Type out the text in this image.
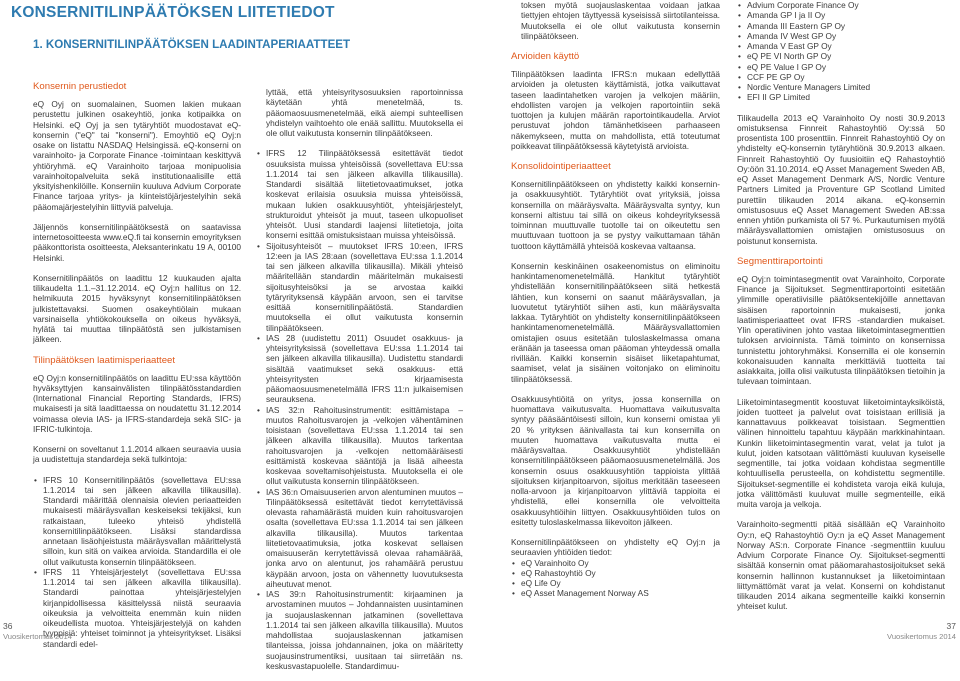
KONSERNITILINPÄÄTÖKSEN LIITETIEDOT
1. KONSERNITILINPÄÄTÖKSEN LAADINTAPERIAATTEET
Konsernin perustiedot

eQ Oyj on suomalainen, Suomen lakien mukaan perustettu julkinen osakeyhtiö, jonka kotipaikka on Helsinki. eQ Oyj ja sen tytäryhtiöt muodostavat eQ-konsernin ("eQ" tai "konserni"). Emoyhtiö eQ Oyj:n osake on listattu NASDAQ Helsingissä. eQ-konserni on varainhoito- ja Corporate Finance -toimintaan keskittyvä yhtiöryhmä. eQ Varainhoito tarjoaa monipuolisia varainhoitopalveluita sekä institutionaalisille että yksityishenkilöille. Konserniin kuuluva Advium Corporate Finance tarjoaa yritys- ja kiinteistöjärjestelyihin sekä pääomajärjestelyihin liittyviä palveluja.

Jäljennös konsernitilinpäätöksestä on saatavissa internetosoitteesta www.eQ.fi tai konsernin emoyrityksen pääkonttorista osoitteesta, Aleksanterinkatu 19 A, 00100 Helsinki.

Konsernitilinpäätös on laadittu 12 kuukauden ajalta tilikaudelta 1.1.–31.12.2014. eQ Oyj:n hallitus on 12. helmikuuta 2015 hyväksynyt konsernitilinpäätöksen julkistettavaksi. Suomen osakeyhtiölain mukaan varsinaisella yhtiökokouksella on oikeus hyväksyä, hylätä tai muuttaa tilinpäätöstä sen julkistamisen jälkeen.

Tilinpäätöksen laatimisperiaatteet

eQ Oyj:n konsernitilinpäätös on laadittu EU:ssa käyttöön hyväksyttyjen kansainvälisten tilinpäätösstandardien (International Financial Reporting Standards, IFRS) mukaisesti ja sitä laadittaessa on noudatettu 31.12.2014 voimassa olevia IAS- ja IFRS-standardeja sekä SIC- ja IFRIC-tulkintoja.

Konserni on soveltanut 1.1.2014 alkaen seuraavia uusia ja uudistettuja standardeja sekä tulkintoja:

• IFRS 10 Konsernitilinpäätös (sovellettava EU:ssa 1.1.2014 tai sen jälkeen alkavilla tilikausilla). Standardi määrittää olennaisia olevien periaatteiden mukaisesti määräysvallan keskeiseksi tekijäksi, kun ratkaistaan, tuleeko yhteisö yhdistellä konsernitilinpäätökseen. Lisäksi standardissa annetaan lisäohjeistusta määräysvallan määrittelystä silloin, kun sitä on vaikea arvioida. Standardilla ei ole ollut vaikutusta konsernin tilinpäätökseen.
• IFRS 11 Yhteisjärjestelyt (sovellettava EU:ssa 1.1.2014 tai sen jälkeen alkavilla tilikausilla). Standardi painottaa yhteisjärjestelyjen kirjanpidollisessa käsittelyssä niistä seuraavia oikeuksia ja velvoitteita enemmän kuin niiden oikeudellista muotoa. Yhteisjärjestelyjä on kahden tyyppisiä: yhteiset toiminnot ja yhteisyritykset. Lisäksi standardi edel-

lyttää, että yhteisyritysosuuksien raportoinnissa käytetään yhtä menetelmää, ts. pääomaosuusmenetelmää, eikä aiempi suhteellisen yhdistelyn vaihtoehto ole enää sallittu. Muutoksella ei ole ollut vaikutusta konsernin tilinpäätökseen.

• IFRS 12 Tilinpäätöksessä esitettävät tiedot osuuksista muissa yhteisöissä (sovellettava EU:ssa 1.1.2014 tai sen jälkeen alkavilla tilikausilla). Standardi sisältää liitetietovaatimukset, jotka koskevat erilaisia osuuksia muissa yhteisöissä, mukaan lukien osakkuusyhtiöt, yhteisjärjestelyt, strukturoidut yhteisöt ja muut, taseen ulkopuoliset yhteisöt. Uusi standardi laajensi liitetietoja, joita konserni esittää omistuksistaan muissa yhteisöissä.
• Sijoitusyhteisöt – muutokset IFRS 10:een, IFRS 12:een ja IAS 28:aan (sovellettava EU:ssa 1.1.2014 tai sen jälkeen alkavilla tilikausilla). Mikäli yhteisö määritellään standardin määritelmän mukaisesti sijoitusyhteisöksi ja se arvostaa kaikki tytäryrityksensä käypään arvoon, sen ei tarvitse esittää konsernitilinpäätöstä. Standardien muutoksella ei ollut vaikutusta konsernin tilinpäätökseen.
• IAS 28 (uudistettu 2011) Osuudet osakkuus- ja yhteisyrityksissä (sovellettava EU:ssa 1.1.2014 tai sen jälkeen alkavilla tilikausilla). Uudistettu standardi sisältää vaatimukset sekä osakkuus- että yhteisyritysten kirjaamisesta pääomaosuusmenetelmällä IFRS 11:n julkaisemisen seurauksena.
• IAS 32:n Rahoitusinstrumentit: esittämistapa – muutos Rahoitusvarojen ja -velkojen vähentäminen toisistaan (sovellettava EU:ssa 1.1.2014 tai sen jälkeen alkavilla tilikausilla). Muutos tarkentaa rahoitusvarojen ja -velkojen nettomääräisesti esittämistä koskevaa sääntöjä ja lisää aiheesta koskevaa soveltamisohjeistusta. Muutoksella ei ole ollut vaikutusta konsernin tilinpäätökseen.
• IAS 36:n Omaisuuserien arvon alentuminen muutos – Tilinpäätöksessä esitettävät tiedot kerrytettävissä olevasta rahamäärästä muiden kuin rahoitusvarojen osalta (sovellettava EU:ssa 1.1.2014 tai sen jälkeen alkavilla tilikausilla). Muutos tarkentaa liitetietovaatimuksia, jotka koskevat sellaisen omaisuuserän kerrytettävissä olevaa rahamäärää, jonka arvo on alentunut, jos rahamäärä perustuu käypään arvoon, josta on vähennetty luovutuksesta aiheutuvat menot.
• IAS 39:n Rahoitusinstrumentit: kirjaaminen ja arvostaminen muutos – Johdannaisten uusintaminen ja suojauslaskennan jatkaminen (sovellettava 1.1.2014 tai sen jälkeen alkavilla tilikausilla). Muutos mahdollistaa suojauslaskennan jatkamisen tilanteissa, joissa johdannainen, joka on määritetty suojausinstrumentiksi, uusitaan tai siirretään ns. keskusvastapuolelle. Standardimuu-

toksen myötä suojauslaskentaa voidaan jatkaa tiettyjen ehtojen täyttyessä kyseisissä siirtotilanteissa. Muutoksella ei ole ollut vaikutusta konsernin tilinpäätökseen.

Arvioiden käyttö

Tilinpäätöksen laadinta IFRS:n mukaan edellyttää arvioiden ja oletusten käyttämistä, jotka vaikuttavat taseen laadintahetken varojen ja velkojen määriin, ehdollisten varojen ja velkojen raportointiin sekä tuottojen ja kulujen määrän raportointikaudella. Arviot perustuvat johdon tämänhetkiseen parhaaseen näkemykseen, mutta on mahdollista, että toteutumat poikkeavat tilinpäätöksessä käytetyistä arvioista.

Konsolidointiperiaatteet

Konsernitilinpäätökseen on yhdistetty kaikki konsernin- ja osakkuusyhtiöt. Tytäryhtiöt ovat yrityksiä, joissa konsernilla on määräysvalta. Määräysvalta syntyy, kun konserni altistuu tai sillä on oikeus kohdeyrityksessä toiminnan muuttuvalle tuotolle tai on oikeutettu sen muuttuvaan tuottoon ja se pystyy vaikuttamaan tähän tuottoon käyttämällä yhteisöä koskevaa valtaansa.

Konsernin keskinäinen osakeenomistus on eliminoitu hankintamenomenetelmällä. Hankitut tytäryhtiöt yhdistellään konsernitilinpäätökseen siitä hetkestä lähtien, kun konserni on saanut määräysvallan, ja luovutetut tytäryhtiöt siihen asti, kun määräysvalta lakkaa. Tytäryhtiöt on yhdistelty konsernitilinpäätökseen hankintamenomenetelmällä. Määräysvallattomien omistajien osuus esitetään tuloslaskelmassa omana eränään ja taseessa oman pääoman yhteydessä omalla rivillään. Kaikki konsernin sisäiset liiketapahtumat, saamiset, velat ja sisäinen voitonjako on eliminoitu tilinpäätöksessä.

Osakkuusyhtiöitä on yritys, jossa konsernilla on huomattava vaikutusvalta. Huomattava vaikutusvalta syntyy pääsääntöisesti silloin, kun konserni omistaa yli 20 % yrityksen äänivallasta tai kun konsernilla on muuten huomattava vaikutusvalta mutta ei määräysvaltaa. Osakkuusyhtiöt yhdistellään konsernitilinpäätökseen pääomaosuusmenetelmällä. Jos konsernin osuus osakkuusyhtiön tappioista ylittää sijoituksen kirjanpitoarvon, sijoitus merkitään taseeseen nolla-arvoon ja kirjanpitoarvon ylittäviä tappioita ei yhdistellä, ellei konsernilla ole velvoitteita osakkuusyhtiöihin liittyen. Osakkuusyhtiöiden tulos on esitetty tuloslaskelmassa liikevoiton jälkeen.

Konsernitilinpäätökseen on yhdistelty eQ Oyj:n ja seuraavien yhtiöiden tiedot:

• eQ Varainhoito Oy
• eQ Rahastoyhtiö Oy
• eQ Life Oy
• eQ Asset Management Norway AS
• Advium Corporate Finance Oy
• Amanda GP I ja II Oy
• Amanda III Eastern GP Oy
• Amanda IV West GP Oy
• Amanda V East GP Oy
• eQ PE VI North GP Oy
• eQ PE Value I GP Oy
• CCF PE GP Oy
• Nordic Venture Managers Limited
• EFI II GP Limited

Tilikaudella 2013 eQ Varainhoito Oy nosti 30.9.2013 omistuksensa Finnreit Rahastoyhtiö Oy:ssä 50 prosentista 100 prosenttiin. Finnreit Rahastoyhtiö Oy on yhdistelty eQ-konsernin tytäryhtiönä 30.9.2013 alkaen. Finnreit Rahastoyhtiö Oy fuusioitiin eQ Rahastoyhtiö Oy:öön 31.10.2014. eQ Asset Management Sweden AB, eQ Asset Management Denmark A/S, Nordic Venture Partners Limited ja Proventure GP Scotland Limited purettiin tilikauden 2014 aikana. eQ-konsernin omistusosuus eQ Asset Management Sweden AB:ssa ennen yhtiön purkamista oli 57 %. Purkautumisen myötä määräysvallattomien omistajien omistusosuus on poistunut konsernista.

Segmenttiraportointi

eQ Oyj:n toimintasegmentit ovat Varainhoito, Corporate Finance ja Sijoitukset. Segmenttiraportointi esitetään ylimmille operatiivisille päätöksentekijöille annettavan sisäisen raportoinnin mukaisesti, jonka laatimisperiaatteet ovat IFRS -standardien mukaiset. Ylin operatiivinen johto vastaa liiketoimintasegmenttien tuloksen arvioinnista. Tämä toiminto on konsernissa tunnistettu johtoryhmäksi. Konsernilla ei ole konsernin kokonaisuuden kannalta merkittäviä tuotteita tai asiakkaita, joilla olisi vaikutusta tilinpäätöksen tietoihin ja tulevaan toimintaan.

Liiketoimintasegmentit koostuvat liiketoimintayksiköistä, joiden tuotteet ja palvelut ovat toisistaan erillisiä ja kannattavuus poikkeavat toisistaan. Segmenttien välinen hinnoittelu tapahtuu käypään markkinahintaan. Kunkin liiketoimintasegmentin varat, velat ja tulot ja kulut, joiden katsotaan välittömästi kuuluvan kyseiselle segmentille, tai jotka voidaan kohdistaa segmentille kohtuullisella perusteella, on kohdistettu segmentille. Sijoitukset-segmentille ei kohdisteta varoja eikä kuluja, jotka välittömästi kuuluvat muille segmenteille, eikä muita varoja ja velkoja.

Varainhoito-segmentti pitää sisällään eQ Varainhoito Oy:n, eQ Rahastoyhtiö Oy:n ja eQ Asset Management Norway AS:n. Corporate Finance -segmenttiin kuuluu Advium Corporate Finance Oy. Sijoitukset-segmentti sisältää konsernin omat pääomarahastosijoitukset sekä konsernin hallinnon kustannukset ja liiketoimintaan liittymättömät varat ja velat. Konserni on kohdistanut tilikauden 2014 aikana segmenteille kaikki konsernin yhteiset kulut.

36
Vuosikertomus 2014
37
Vuosikertomus 2014
